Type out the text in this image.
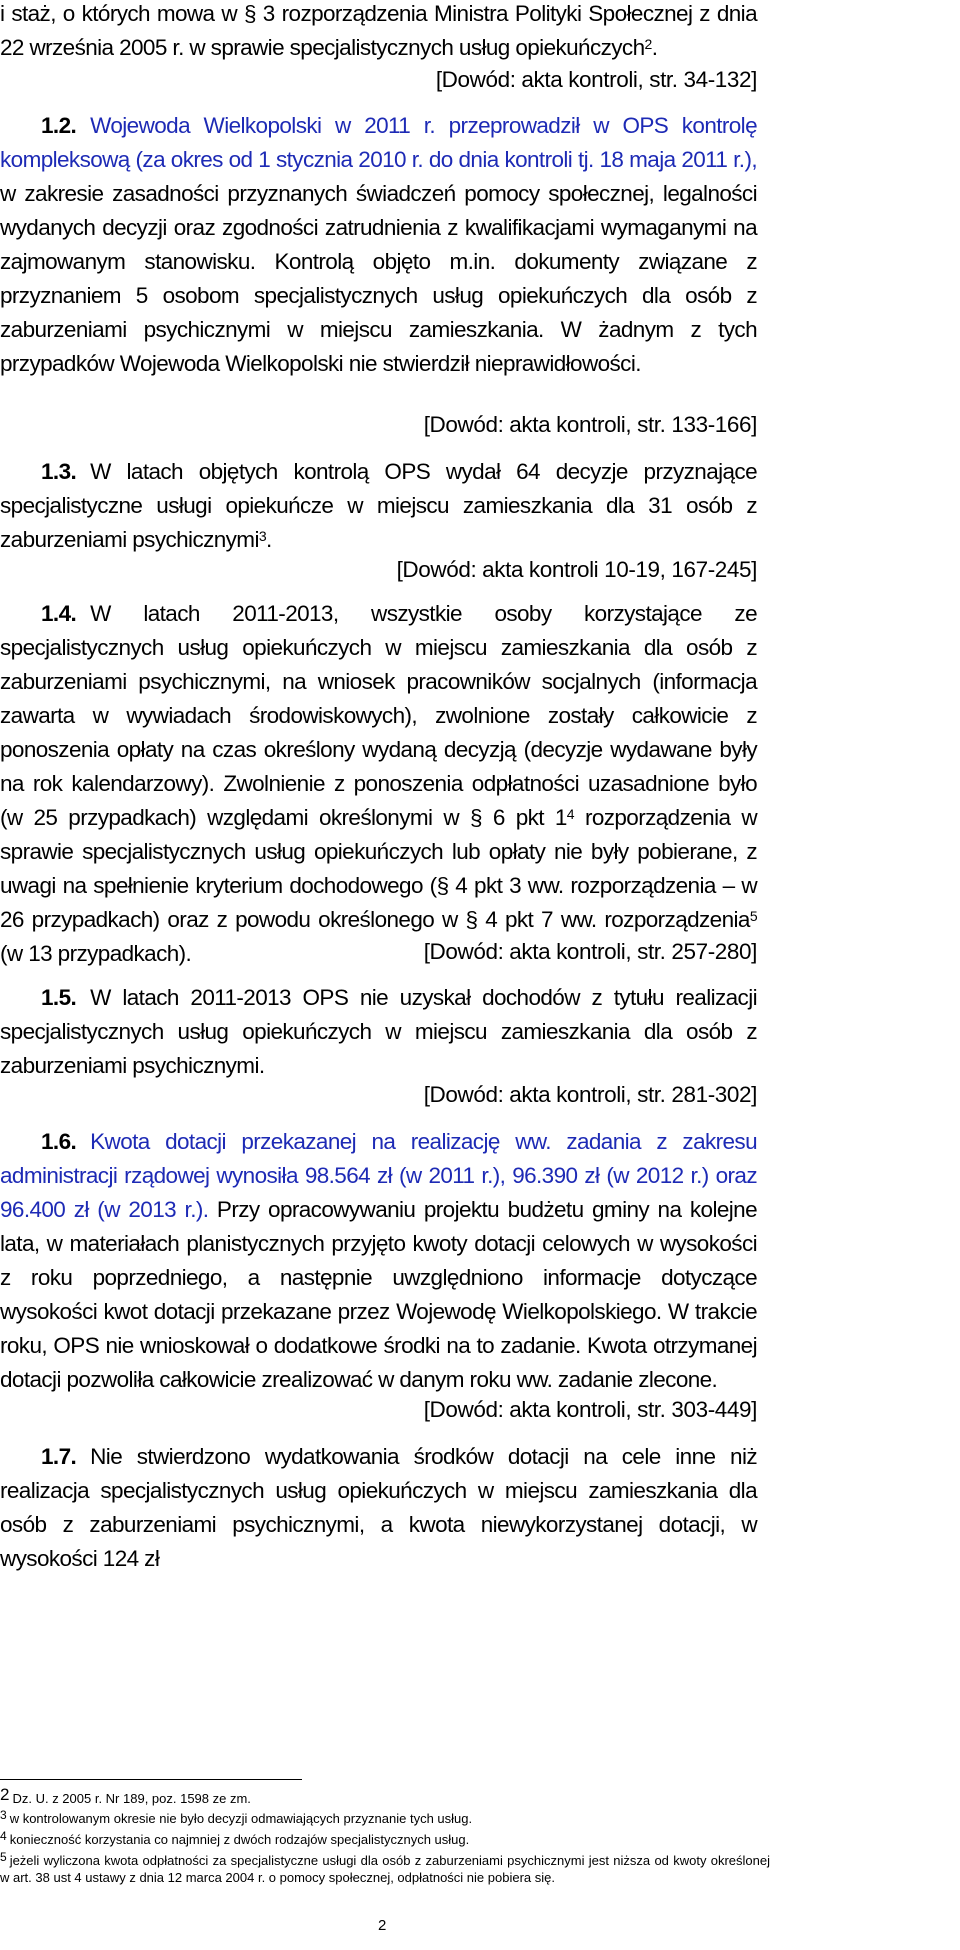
i staż, o których mowa w § 3 rozporządzenia Ministra Polityki Społecznej z dnia 22 września 2005 r. w sprawie specjalistycznych usług opiekuńczych$^2$.

[Dowód: akta kontroli, str. 34-132]

1.2. Wojewoda Wielkopolski w 2011 r. przeprowadził w OPS kontrolę kompleksową (za okres od 1 stycznia 2010 r. do dnia kontroli tj. 18 maja 2011 r.), w zakresie zasadności przyznanych świadczeń pomocy społecznej, legalności wydanych decyzji oraz zgodności zatrudnienia z kwalifikacjami wymaganymi na zajmowanym stanowisku. Kontrolą objęto m.in. dokumenty związane z przyznaniem 5 osobom specjalistycznych usług opiekuńczych dla osób z zaburzeniami psychicznymi w miejscu zamieszkania. W żadnym z tych przypadków Wojewoda Wielkopolski nie stwierdził nieprawidłowości.

[Dowód: akta kontroli, str. 133-166]

1.3. W latach objętych kontrolą OPS wydał 64 decyzje przyznające specjalistyczne usługi opiekuńcze w miejscu zamieszkania dla 31 osób z zaburzeniami psychicznymi$^3$.

[Dowód: akta kontroli 10-19, 167-245]

1.4. W latach 2011-2013, wszystkie osoby korzystające ze specjalistycznych usług opiekuńczych w miejscu zamieszkania dla osób z zaburzeniami psychicznymi, na wniosek pracowników socjalnych (informacja zawarta w wywiadach środowiskowych), zwolnione zostały całkowicie z ponoszenia opłaty na czas określony wydaną decyzją (decyzje wydawane były na rok kalendarzowy). Zwolnienie z ponoszenia odpłatności uzasadnione było (w 25 przypadkach) względami określonymi w § 6 pkt $1^4$ rozporządzenia w sprawie specjalistycznych usług opiekuńczych lub opłaty nie były pobierane, z uwagi na spełnienie kryterium dochodowego (§ 4 pkt 3 ww. rozporządzenia – w 26 przypadkach) oraz z powodu określonego w § 4 pkt 7 ww. rozporządzenia$^5$ (w 13 przypadkach).	[Dowód: akta kontroli, str. 257-280]

1.5. W latach 2011-2013 OPS nie uzyskał dochodów z tytułu realizacji specjalistycznych usług opiekuńczych w miejscu zamieszkania dla osób z zaburzeniami psychicznymi.

[Dowód: akta kontroli, str. 281-302]

1.6. Kwota dotacji przekazanej na realizację ww. zadania z zakresu administracji rządowej wynosiła 98.564 zł (w 2011 r.), 96.390 zł (w 2012 r.) oraz 96.400 zł (w 2013 r.). Przy opracowywaniu projektu budżetu gminy na kolejne lata, w materiałach planistycznych przyjęto kwoty dotacji celowych w wysokości z roku poprzedniego, a następnie uwzględniono informacje dotyczące wysokości kwot dotacji przekazane przez Wojewodę Wielkopolskiego. W trakcie roku, OPS nie wnioskował o dodatkowe środki na to zadanie. Kwota otrzymanej dotacji pozwoliła całkowicie zrealizować w danym roku ww. zadanie zlecone.

[Dowód: akta kontroli, str. 303-449]

1.7. Nie stwierdzono wydatkowania środków dotacji na cele inne niż realizacja specjalistycznych usług opiekuńczych w miejscu zamieszkania dla osób z zaburzeniami psychicznymi, a kwota niewykorzystanej dotacji, w wysokości 124 zł

2 Dz. U. z 2005 r. Nr 189, poz. 1598 ze zm.

3 w kontrolowanym okresie nie było decyzji odmawiających przyznanie tych usług.

4 konieczność korzystania co najmniej z dwóch rodzajów specjalistycznych usług.

5 jeżeli wyliczona kwota odpłatności za specjalistyczne usługi dla osób z zaburzeniami psychicznymi jest niższa od kwoty określonej w art. 38 ust 4 ustawy z dnia 12 marca 2004 r. o pomocy społecznej, odpłatności nie pobiera się.

2
